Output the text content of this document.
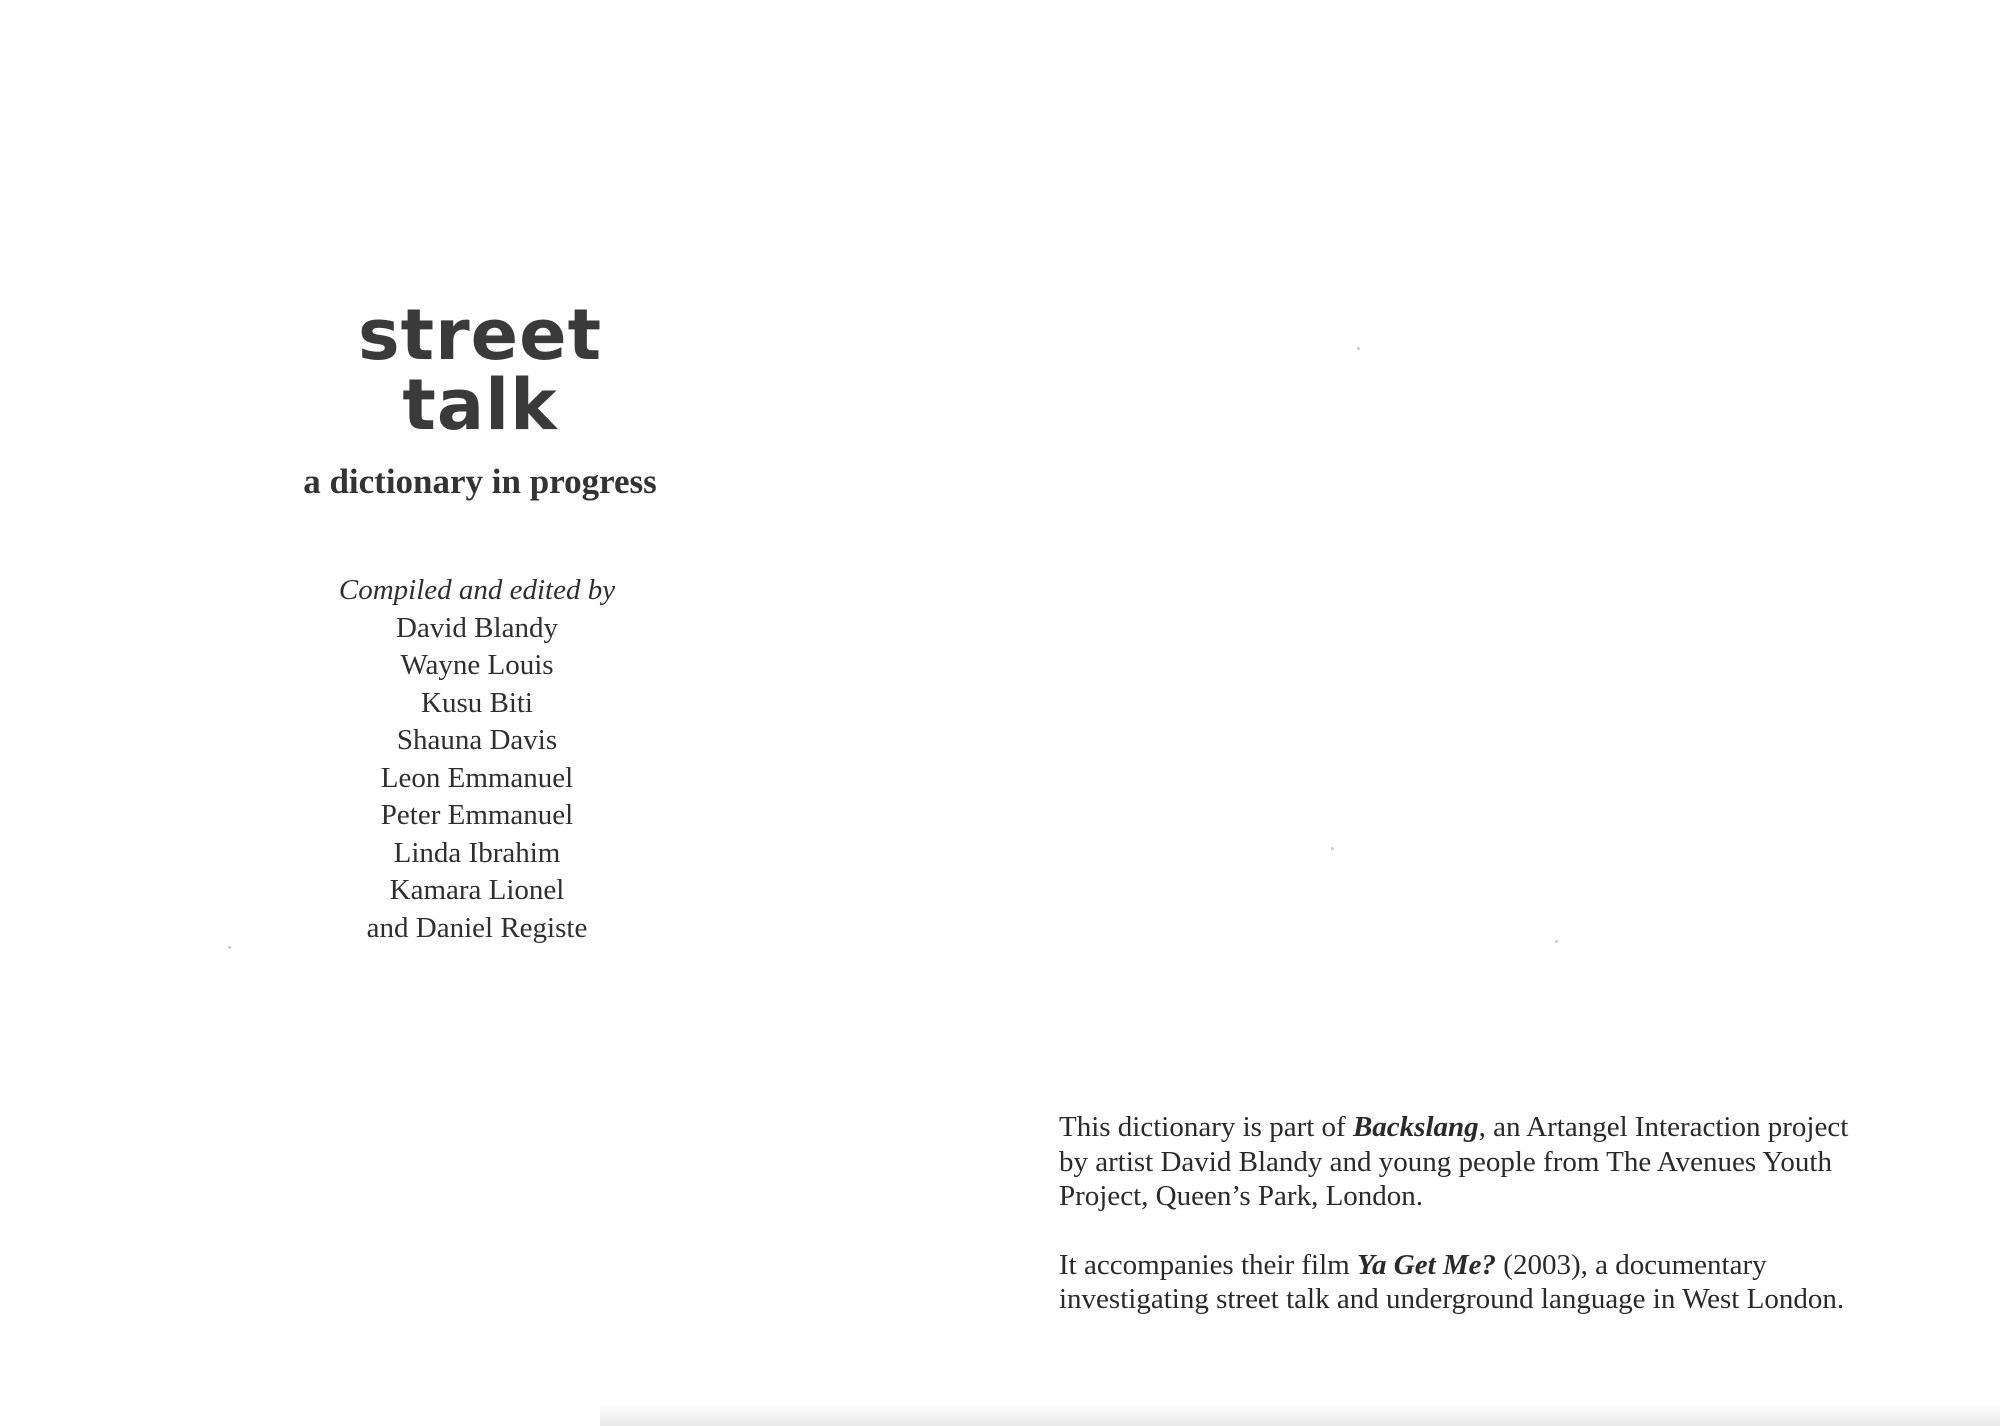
street talk
a dictionary in progress
Compiled and edited by
David Blandy
Wayne Louis
Kusu Biti
Shauna Davis
Leon Emmanuel
Peter Emmanuel
Linda Ibrahim
Kamara Lionel
and Daniel Registe

This dictionary is part of Backslang, an Artangel Interaction project by artist David Blandy and young people from The Avenues Youth Project, Queen’s Park, London.

It accompanies their film Ya Get Me? (2003), a documentary investigating street talk and underground language in West London.
